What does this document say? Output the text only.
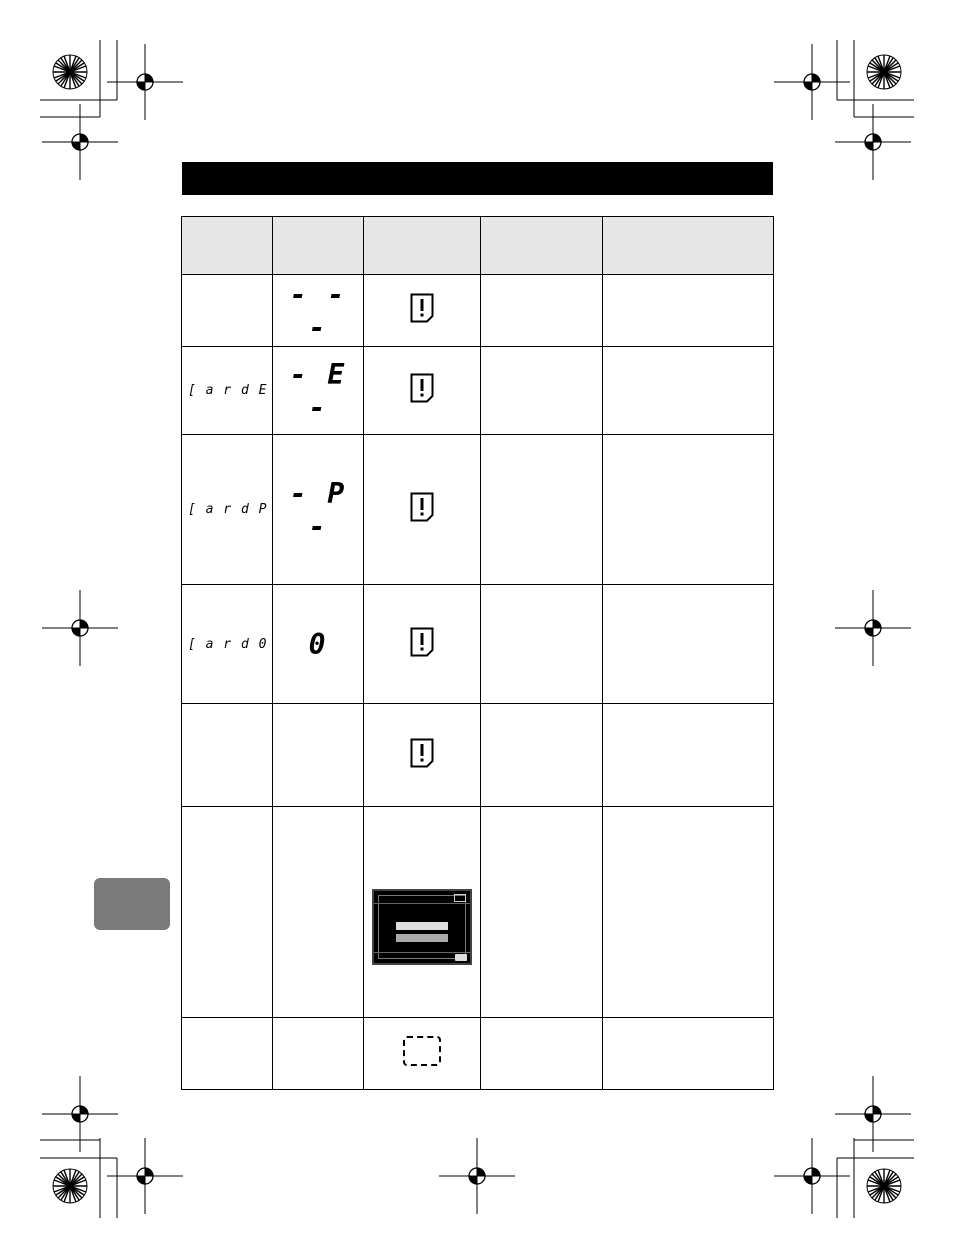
	- - -			

[ a r d E	- E -			

[ a r d P	- P -			

[ a r d 0	0			
